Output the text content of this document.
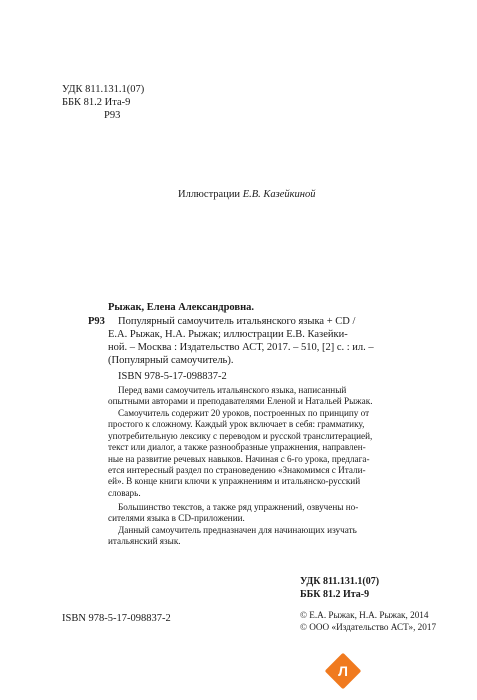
УДК 811.131.1(07)
ББК 81.2 Ита-9
Р93
Иллюстрации Е.В. Казейкиной
Рыжак, Елена Александровна.
Р93 Популярный самоучитель итальянского языка + CD /
Е.А. Рыжак, Н.А. Рыжак; иллюстрации Е.В. Казейки-
ной. – Москва : Издательство АСТ, 2017. – 510, [2] с. : ил. –
(Популярный самоучитель).
ISBN 978-5-17-098837-2
Перед вами самоучитель итальянского языка, написанный
опытными авторами и преподавателями Еленой и Натальей Рыжак.
Самоучитель содержит 20 уроков, построенных по принципу от
простого к сложному. Каждый урок включает в себя: грамматику,
употребительную лексику с переводом и русской транслитерацией,
текст или диалог, а также разнообразные упражнения, направлен-
ные на развитие речевых навыков. Начиная с 6-го урока, предлага-
ется интересный раздел по страноведению «Знакомимся с Итали-
ей». В конце книги ключи к упражнениям и итальянско-русский
словарь.
Большинство текстов, а также ряд упражнений, озвучены но-
сителями языка в CD-приложении.
Данный самоучитель предназначен для начинающих изучать
итальянский язык.
УДК 811.131.1(07)
ББК 81.2 Ита-9
ISBN 978-5-17-098837-2	© Е.А. Рыжак, Н.А. Рыжак, 2014
© ООО «Издательство АСТ», 2017
Л
